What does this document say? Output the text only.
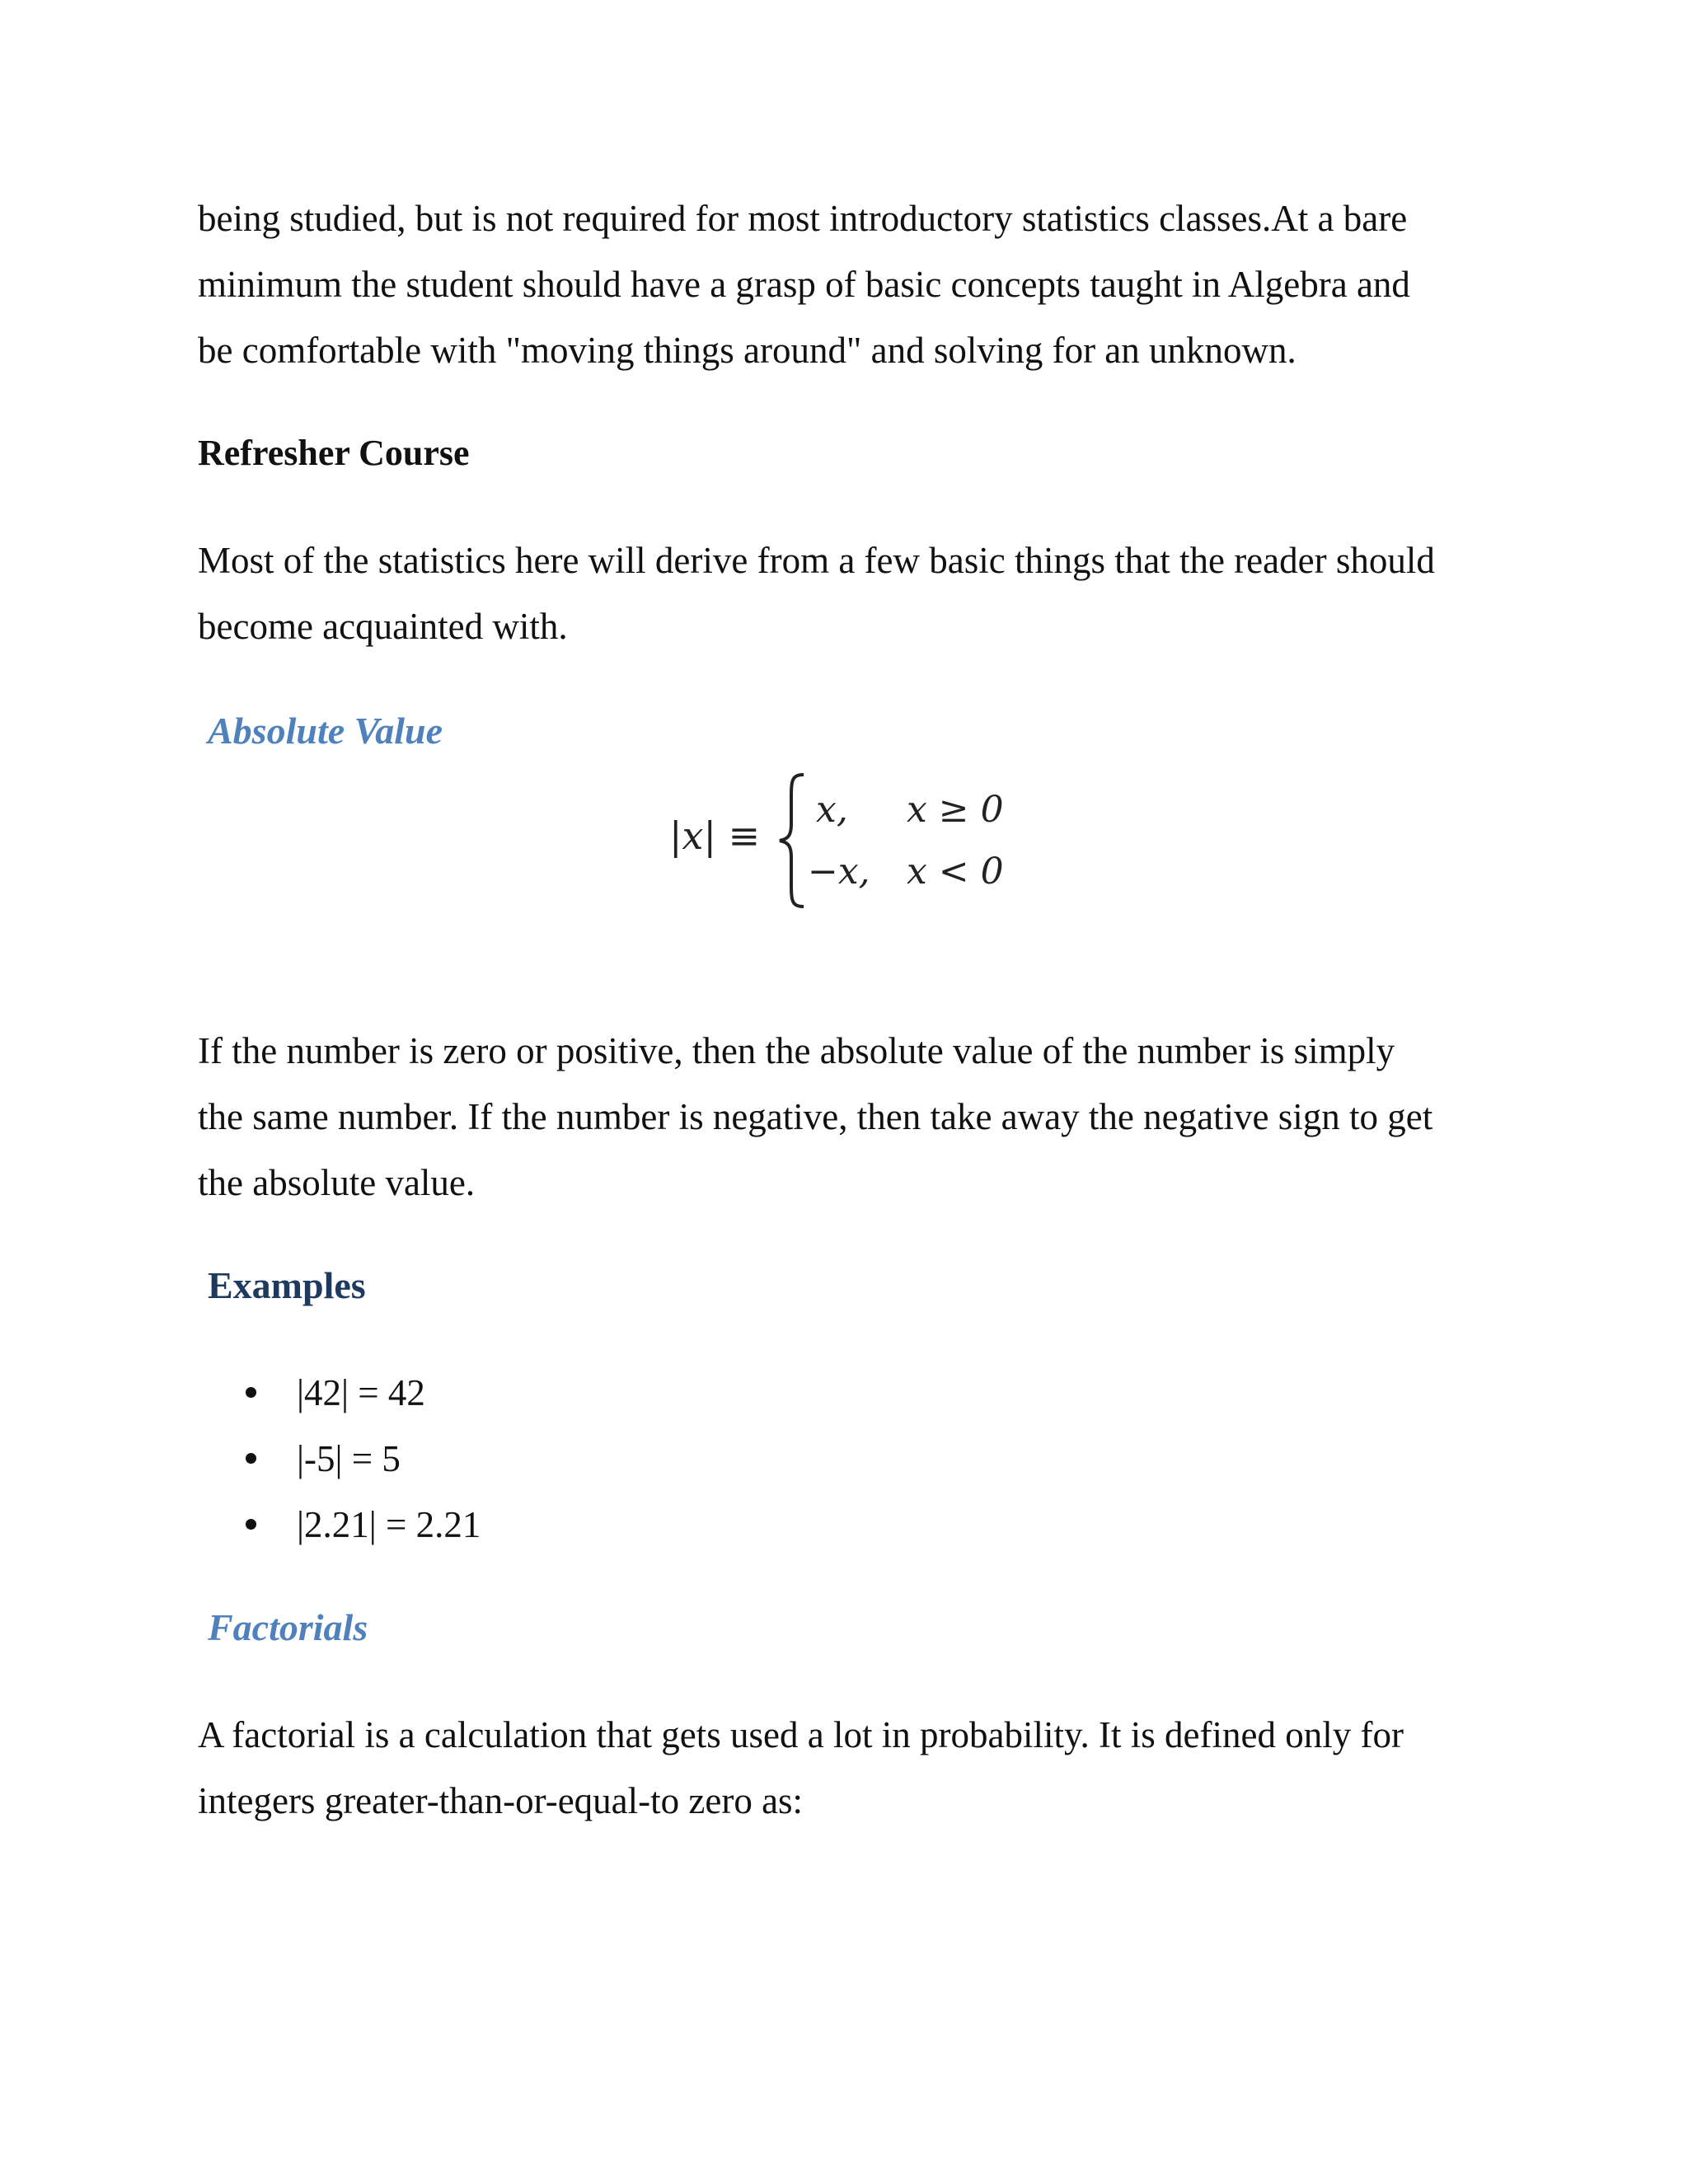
being studied, but is not required for most introductory statistics classes.At a bare
minimum the student should have a grasp of basic concepts taught in Algebra and
be comfortable with "moving things around" and solving for an unknown.

Refresher Course

Most of the statistics here will derive from a few basic things that the reader should
become acquainted with.

Absolute Value
|x| ≡
x, x ≥ 0
−x, x < 0

If the number is zero or positive, then the absolute value of the number is simply
the same number. If the number is negative, then take away the negative sign to get
the absolute value.

Examples
|42| = 42
|-5| = 5
|2.21| = 2.21
Factorials

A factorial is a calculation that gets used a lot in probability. It is defined only for
integers greater-than-or-equal-to zero as:
